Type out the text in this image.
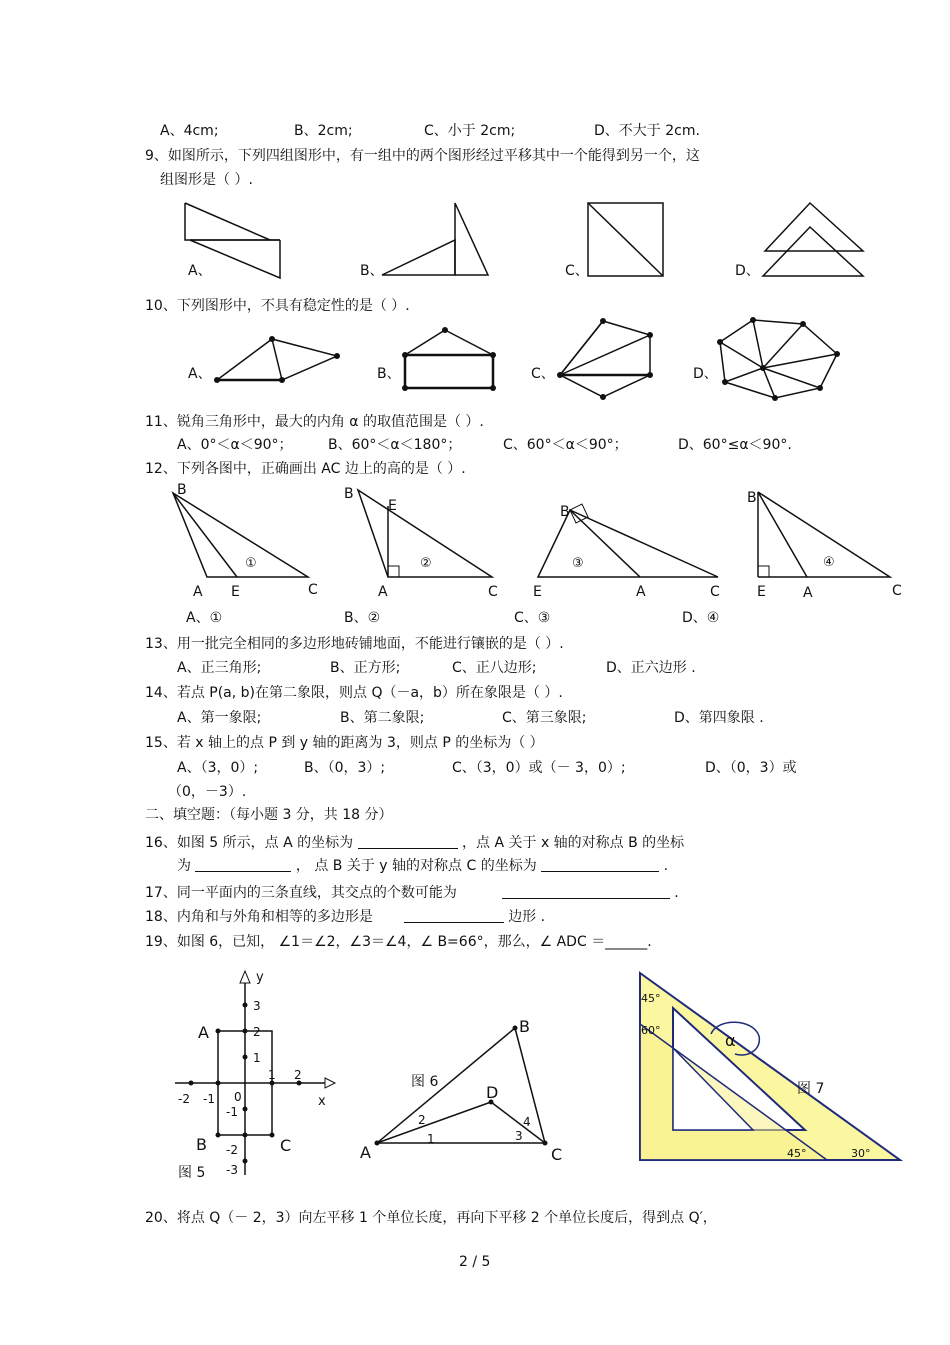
A、4cm;	B、2cm;	C、小于 2cm;	D、不大于 2cm.
9、如图所示，下列四组图形中，有一组中的两个图形经过平移其中一个能得到另一个，这
组图形是（ ）.
A、	B、	C、	D、
10、下列图形中，不具有稳定性的是（ ）.
A、	B、	C、	D、
11、锐角三角形中，最大的内角 α 的取值范围是（ ）.
A、0°＜α＜90°；	B、60°＜α＜180°；	C、60°＜α＜90°；	D、60°≤α＜90°.
12、下列各图中，正确画出 AC 边上的高的是（ ）.
B
A E	C
①
B
E
A	C
②
B
E	A	C
③
B
E	A	C
④
A、①	B、②	C、③	D、④
13、用一批完全相同的多边形地砖铺地面，不能进行镶嵌的是（ ）.
A、正三角形;	B、正方形;	C、正八边形;	D、正六边形 .
14、若点 P(a, b)在第二象限，则点 Q（－a，b）所在象限是（ ）.
A、第一象限;	B、第二象限;	C、第三象限;	D、第四象限 .
15、若 x 轴上的点 P 到 y 轴的距离为 3，则点 P 的坐标为（ ）
A、（3，0）;	B、（0，3）;	C、（3，0）或（－ 3，0）;	D、（0，3）或
（0，－3）.
二、填空题：（每小题 3 分，共 18 分）
16、如图 5 所示，点 A 的坐标为	，点 A 关于 x 轴的对称点 B 的坐标
为	， 点 B 关于 y 轴的对称点 C 的坐标为	.
17、同一平面内的三条直线，其交点的个数可能为	.
18、内角和与外角和相等的多边形是	边形 .
19、如图 6，已知， ∠1＝∠2，∠3＝∠4，∠ B=66°，那么，∠ ADC ＝______.
y
x
0
-2 -1
1 2
3
2
1
-1
-2
-3
A
B	C
图 5
A
B
C
D
1
2
3
4
图 6
α
45°
60°
45°	30°
图 7
20、将点 Q（－ 2，3）向左平移 1 个单位长度，再向下平移 2 个单位长度后，得到点 Q′，
2 / 5
